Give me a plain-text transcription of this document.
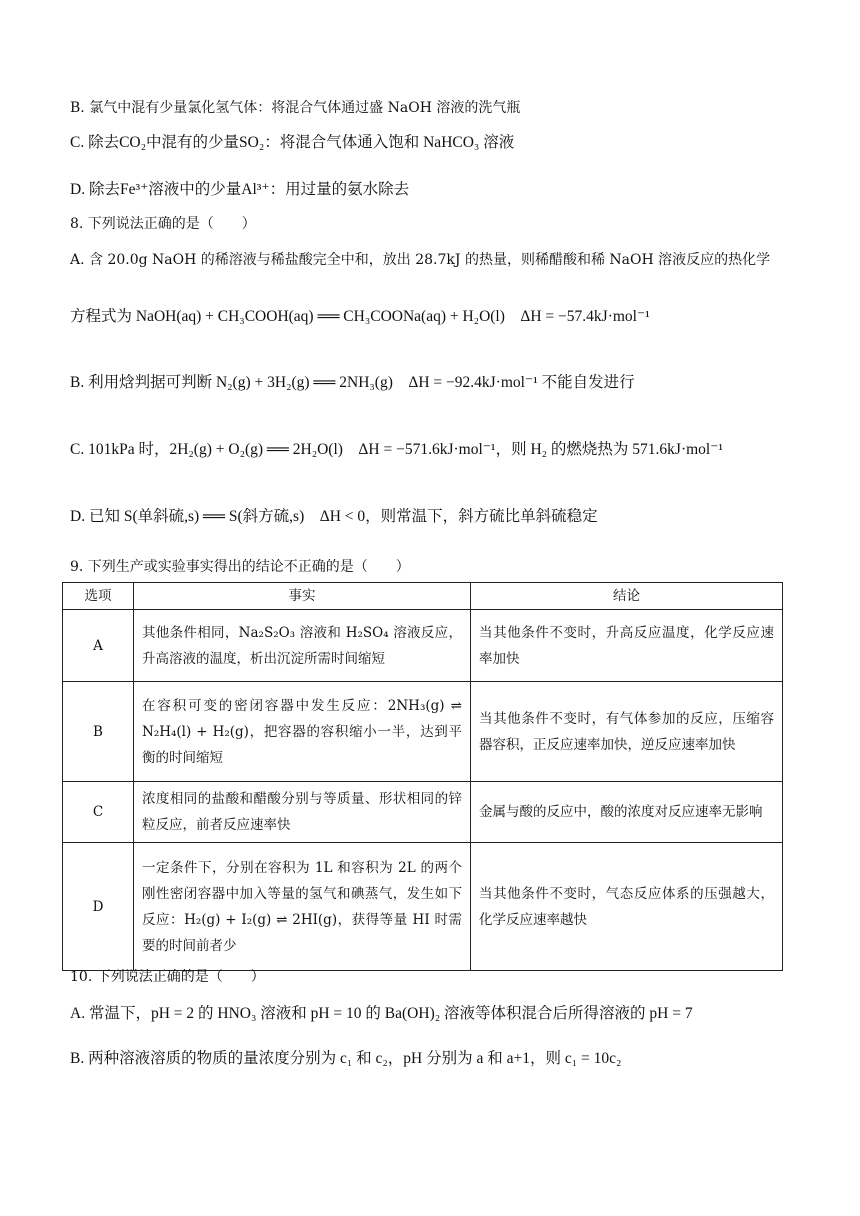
B. 氯气中混有少量氯化氢气体：将混合气体通过盛 NaOH 溶液的洗气瓶
C. 除去CO₂中混有的少量SO₂：将混合气体通入饱和 NaHCO₃ 溶液
D. 除去Fe³⁺溶液中的少量Al³⁺：用过量的氨水除去
8. 下列说法正确的是（　　）
A. 含 20.0g NaOH 的稀溶液与稀盐酸完全中和，放出 28.7kJ 的热量，则稀醋酸和稀 NaOH 溶液反应的热化学
方程式为 NaOH(aq) + CH₃COOH(aq) ══ CH₃COONa(aq) + H₂O(l)　ΔH = −57.4kJ·mol⁻¹
B. 利用焓判据可判断 N₂(g) + 3H₂(g) ══ 2NH₃(g)　ΔH = −92.4kJ·mol⁻¹ 不能自发进行
C. 101kPa 时，2H₂(g) + O₂(g) ══ 2H₂O(l)　ΔH = −571.6kJ·mol⁻¹，则 H₂ 的燃烧热为 571.6kJ·mol⁻¹
D. 已知 S(单斜硫,s) ══ S(斜方硫,s)　ΔH < 0，则常温下，斜方硫比单斜硫稳定
9. 下列生产或实验事实得出的结论不正确的是（　　）
选项	事实	结论
A	其他条件相同，Na₂S₂O₃ 溶液和 H₂SO₄ 溶液反应，升高溶液的温度，析出沉淀所需时间缩短	当其他条件不变时，升高反应温度，化学反应速率加快
B	在容积可变的密闭容器中发生反应：2NH₃(g) ⇌ N₂H₄(l) + H₂(g)，把容器的容积缩小一半，达到平衡的时间缩短	当其他条件不变时，有气体参加的反应，压缩容器容积，正反应速率加快，逆反应速率加快
C	浓度相同的盐酸和醋酸分别与等质量、形状相同的锌粒反应，前者反应速率快	金属与酸的反应中，酸的浓度对反应速率无影响
D	一定条件下，分别在容积为 1L 和容积为 2L 的两个刚性密闭容器中加入等量的氢气和碘蒸气，发生如下反应：H₂(g) + I₂(g) ⇌ 2HI(g)，获得等量 HI 时需要的时间前者少	当其他条件不变时，气态反应体系的压强越大，化学反应速率越快
10. 下列说法正确的是（　　）
A. 常温下，pH = 2 的 HNO₃ 溶液和 pH = 10 的 Ba(OH)₂ 溶液等体积混合后所得溶液的 pH = 7
B. 两种溶液溶质的物质的量浓度分别为 c₁ 和 c₂，pH 分别为 a 和 a+1，则 c₁ = 10c₂
